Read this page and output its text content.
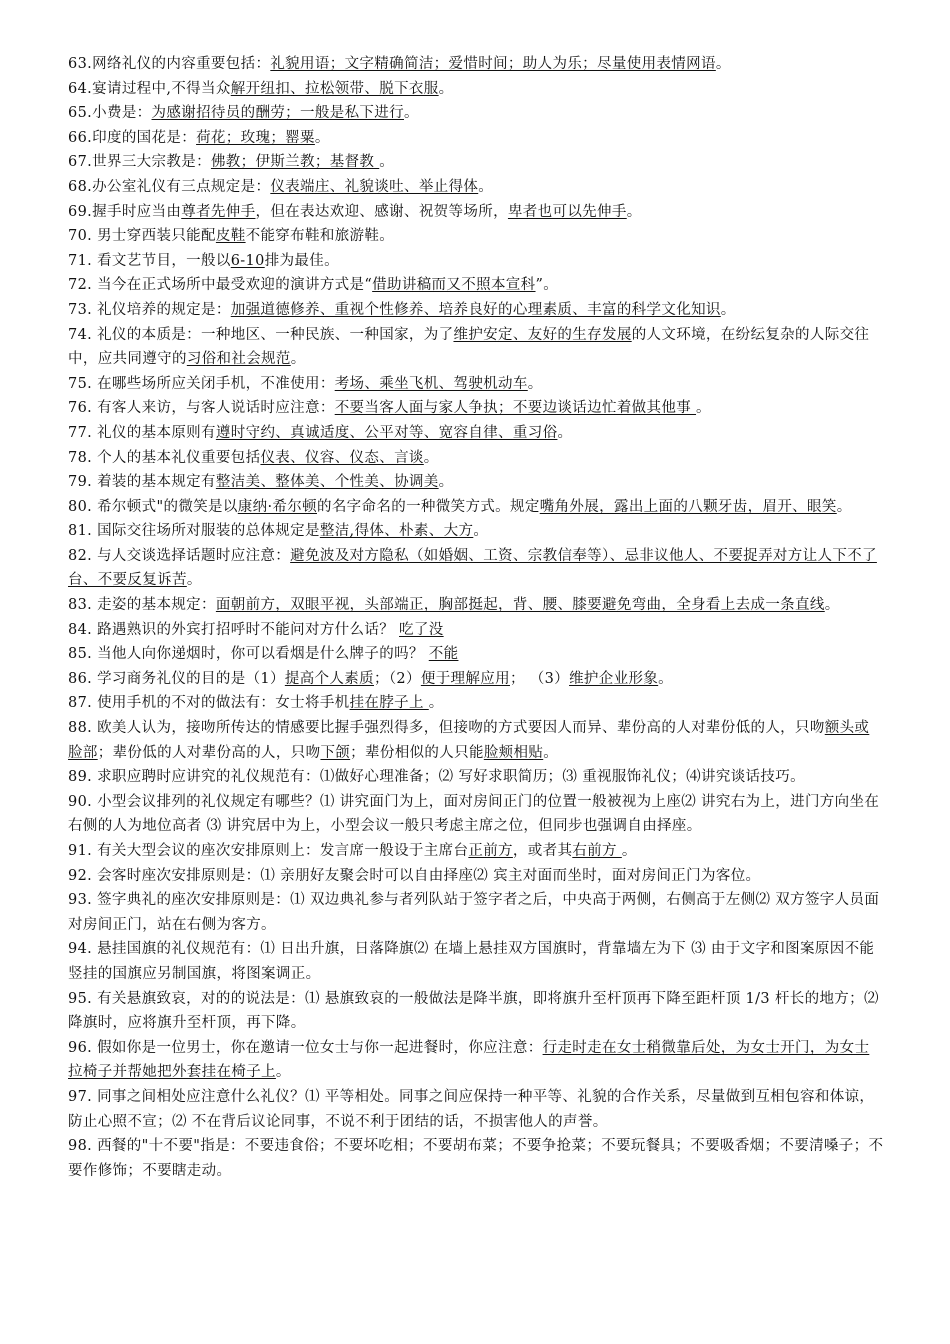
63.网络礼仪的内容重要包括：礼貌用语；文字精确简洁；爱惜时间；助人为乐；尽量使用表情网语。

64.宴请过程中,不得当众解开纽扣、拉松领带、脱下衣服。

65.小费是：为感谢招待员的酬劳；一般是私下进行。

66.印度的国花是：荷花；玫瑰；罂粟。

67.世界三大宗教是：佛教；伊斯兰教；基督教 。

68.办公室礼仪有三点规定是：仪表端庄、礼貌谈吐、举止得体。

69.握手时应当由尊者先伸手，但在表达欢迎、感谢、祝贺等场所，卑者也可以先伸手。

70. 男士穿西装只能配皮鞋不能穿布鞋和旅游鞋。

71. 看文艺节目，一般以6-10排为最佳。

72. 当今在正式场所中最受欢迎的演讲方式是“借助讲稿而又不照本宣科”。

73. 礼仪培养的规定是：加强道德修养、重视个性修养、培养良好的心理素质、丰富的科学文化知识。

74. 礼仪的本质是：一种地区、一种民族、一种国家，为了维护安定、友好的生存发展的人文环境，在纷纭复杂的人际交往中，应共同遵守的习俗和社会规范。

75. 在哪些场所应关闭手机，不准使用：考场、乘坐飞机、驾驶机动车。

76. 有客人来访，与客人说话时应注意：不要当客人面与家人争执；不要边谈话边忙着做其他事 。

77. 礼仪的基本原则有遵时守约、真诚适度、公平对等、宽容自律、重习俗。

78. 个人的基本礼仪重要包括仪表、仪容、仪态、言谈。

79. 着装的基本规定有整洁美、整体美、个性美、协调美。

80. 希尔顿式"的微笑是以康纳·希尔顿的名字命名的一种微笑方式。规定嘴角外展，露出上面的八颗牙齿，眉开、眼笑。

81. 国际交往场所对服装的总体规定是整洁,得体、朴素、大方。

82. 与人交谈选择话题时应注意：避免波及对方隐私（如婚姻、工资、宗教信奉等）、忌非议他人、不要捉弄对方让人下不了台、不要反复诉苦。

83. 走姿的基本规定：面朝前方，双眼平视，头部端正，胸部挺起，背、腰、膝要避免弯曲，全身看上去成一条直线。

84. 路遇熟识的外宾打招呼时不能问对方什么话？ 吃了没

85. 当他人向你递烟时，你可以看烟是什么牌子的吗？ 不能

86. 学习商务礼仪的目的是（1）提高个人素质；（2）便于理解应用； （3）维护企业形象。

87. 使用手机的不对的做法有：女士将手机挂在脖子上 。

88. 欧美人认为，接吻所传达的情感要比握手强烈得多，但接吻的方式要因人而异、辈份高的人对辈份低的人，只吻额头或脸部；辈份低的人对辈份高的人，只吻下颌；辈份相似的人只能脸颊相贴。

89. 求职应聘时应讲究的礼仪规范有：⑴做好心理准备；⑵ 写好求职简历；⑶ 重视服饰礼仪；⑷讲究谈话技巧。

90. 小型会议排列的礼仪规定有哪些？⑴ 讲究面门为上，面对房间正门的位置一般被视为上座⑵ 讲究右为上，进门方向坐在右侧的人为地位高者 ⑶ 讲究居中为上，小型会议一般只考虑主席之位，但同步也强调自由择座。

91. 有关大型会议的座次安排原则上：发言席一般设于主席台正前方，或者其右前方 。

92. 会客时座次安排原则是：⑴ 亲朋好友聚会时可以自由择座⑵ 宾主对面而坐时，面对房间正门为客位。

93. 签字典礼的座次安排原则是：⑴ 双边典礼参与者列队站于签字者之后，中央高于两侧，右侧高于左侧⑵ 双方签字人员面对房间正门，站在右侧为客方。

94. 悬挂国旗的礼仪规范有：⑴ 日出升旗，日落降旗⑵ 在墙上悬挂双方国旗时，背靠墙左为下 ⑶ 由于文字和图案原因不能竖挂的国旗应另制国旗，将图案调正。

95. 有关悬旗致哀，对的的说法是：⑴ 悬旗致哀的一般做法是降半旗，即将旗升至杆顶再下降至距杆顶 1/3 杆长的地方；⑵ 降旗时，应将旗升至杆顶，再下降。

96. 假如你是一位男士，你在邀请一位女士与你一起进餐时，你应注意：行走时走在女士稍微靠后处，为女士开门，为女士拉椅子并帮她把外套挂在椅子上。

97. 同事之间相处应注意什么礼仪？⑴ 平等相处。同事之间应保持一种平等、礼貌的合作关系，尽量做到互相包容和体谅，防止心照不宣；⑵ 不在背后议论同事，不说不利于团结的话，不损害他人的声誉。

98. 西餐的"十不要"指是：不要违食俗；不要坏吃相；不要胡布菜；不要争抢菜；不要玩餐具；不要吸香烟；不要清嗓子；不要作修饰；不要瞎走动。
